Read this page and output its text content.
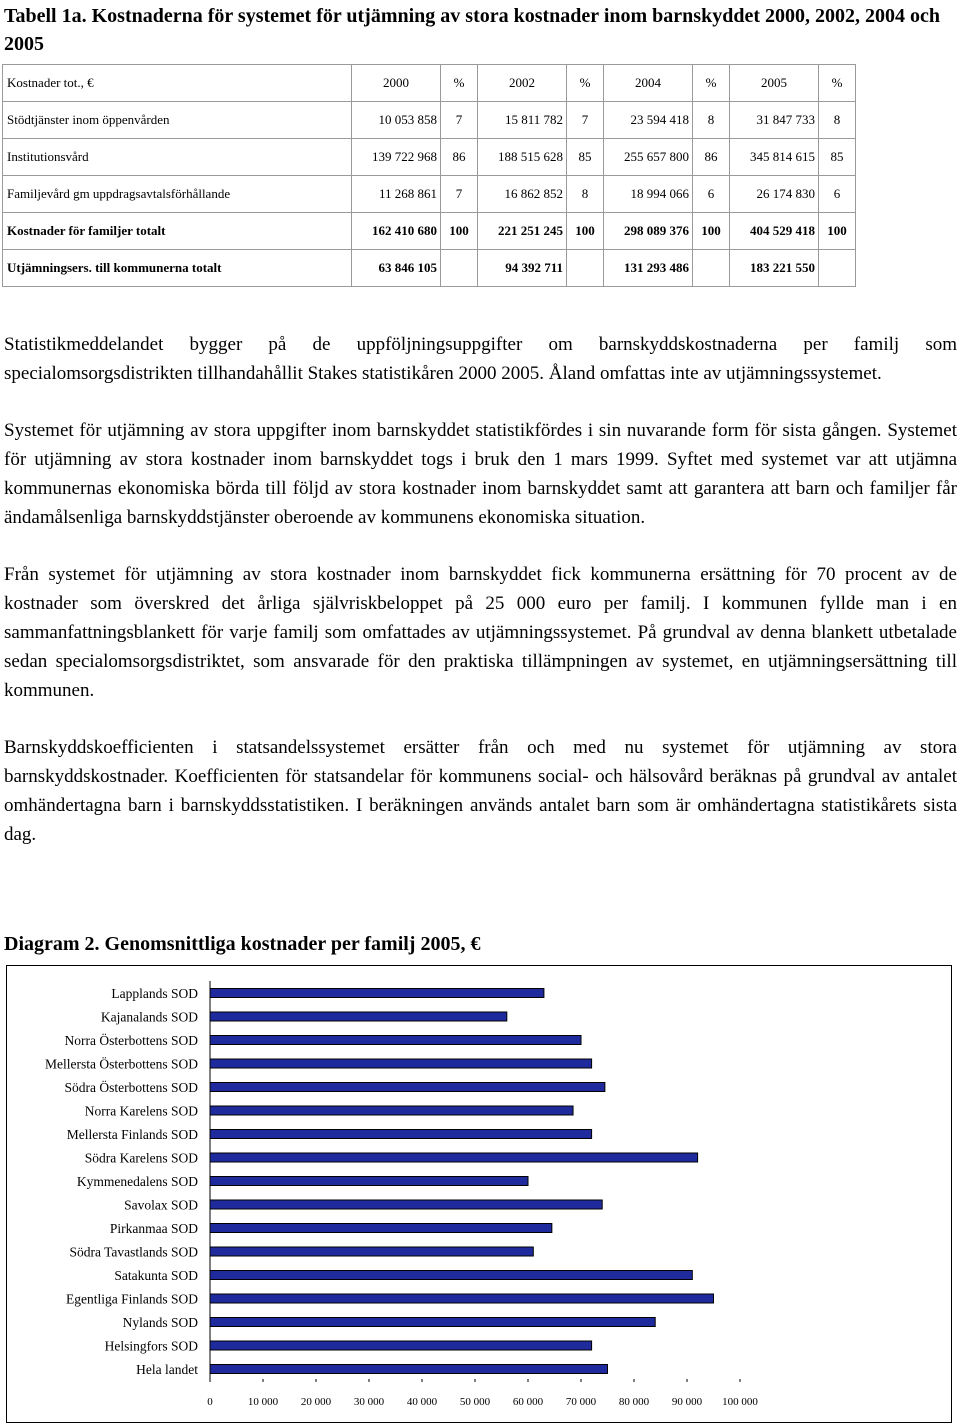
Tabell 1a. Kostnaderna för systemet för utjämning av stora kostnader inom barnskyddet 2000, 2002, 2004 och 2005
Kostnader tot., €	2000	%	2002	%	2004	%	2005	%
Stödtjänster inom öppenvården	10 053 858	7	15 811 782	7	23 594 418	8	31 847 733	8
Institutionsvård	139 722 968	86	188 515 628	85	255 657 800	86	345 814 615	85
Familjevård gm uppdragsavtalsförhållande	11 268 861	7	16 862 852	8	18 994 066	6	26 174 830	6
Kostnader för familjer totalt	162 410 680	100	221 251 245	100	298 089 376	100	404 529 418	100
Utjämningsers. till kommunerna totalt	63 846 105		94 392 711		131 293 486		183 221 550	

Statistikmeddelandet bygger på de uppföljningsuppgifter om barnskyddskostnaderna per familj som specialomsorgsdistrikten tillhandahållit Stakes statistikåren 2000 2005. Åland omfattas inte av utjämningssystemet.

Systemet för utjämning av stora uppgifter inom barnskyddet statistikfördes i sin nuvarande form för sista gången. Systemet för utjämning av stora kostnader inom barnskyddet togs i bruk den 1 mars 1999. Syftet med systemet var att utjämna kommunernas ekonomiska börda till följd av stora kostnader inom barnskyddet samt att garantera att barn och familjer får ändamålsenliga barnskyddstjänster oberoende av kommunens ekonomiska situation.

Från systemet för utjämning av stora kostnader inom barnskyddet fick kommunerna ersättning för 70 procent av de kostnader som överskred det årliga självriskbeloppet på 25 000 euro per familj. I kommunen fyllde man i en sammanfattningsblankett för varje familj som omfattades av utjämningssystemet. På grundval av denna blankett utbetalade sedan specialomsorgsdistriktet, som ansvarade för den praktiska tillämpningen av systemet, en utjämningsersättning till kommunen.

Barnskyddskoefficienten i statsandelssystemet ersätter från och med nu systemet för utjämning av stora barnskyddskostnader. Koefficienten för statsandelar för kommunens social- och hälsovård beräknas på grundval av antalet omhändertagna barn i barnskyddsstatistiken. I beräkningen används antalet barn som är omhändertagna statistikårets sista dag.

Diagram 2. Genomsnittliga kostnader per familj 2005, €
Lapplands SOD
Kajanalands SOD
Norra Österbottens SOD
Mellersta Österbottens SOD
Södra Österbottens SOD
Norra Karelens SOD
Mellersta Finlands SOD
Södra Karelens SOD
Kymmenedalens SOD
Savolax SOD
Pirkanmaa SOD
Södra Tavastlands SOD
Satakunta SOD
Egentliga Finlands SOD
Nylands SOD
Helsingfors SOD
Hela landet
0	10 000 20 000 30 000 40 000 50 000 60 000 70 000 80 000 90 000 100 000
